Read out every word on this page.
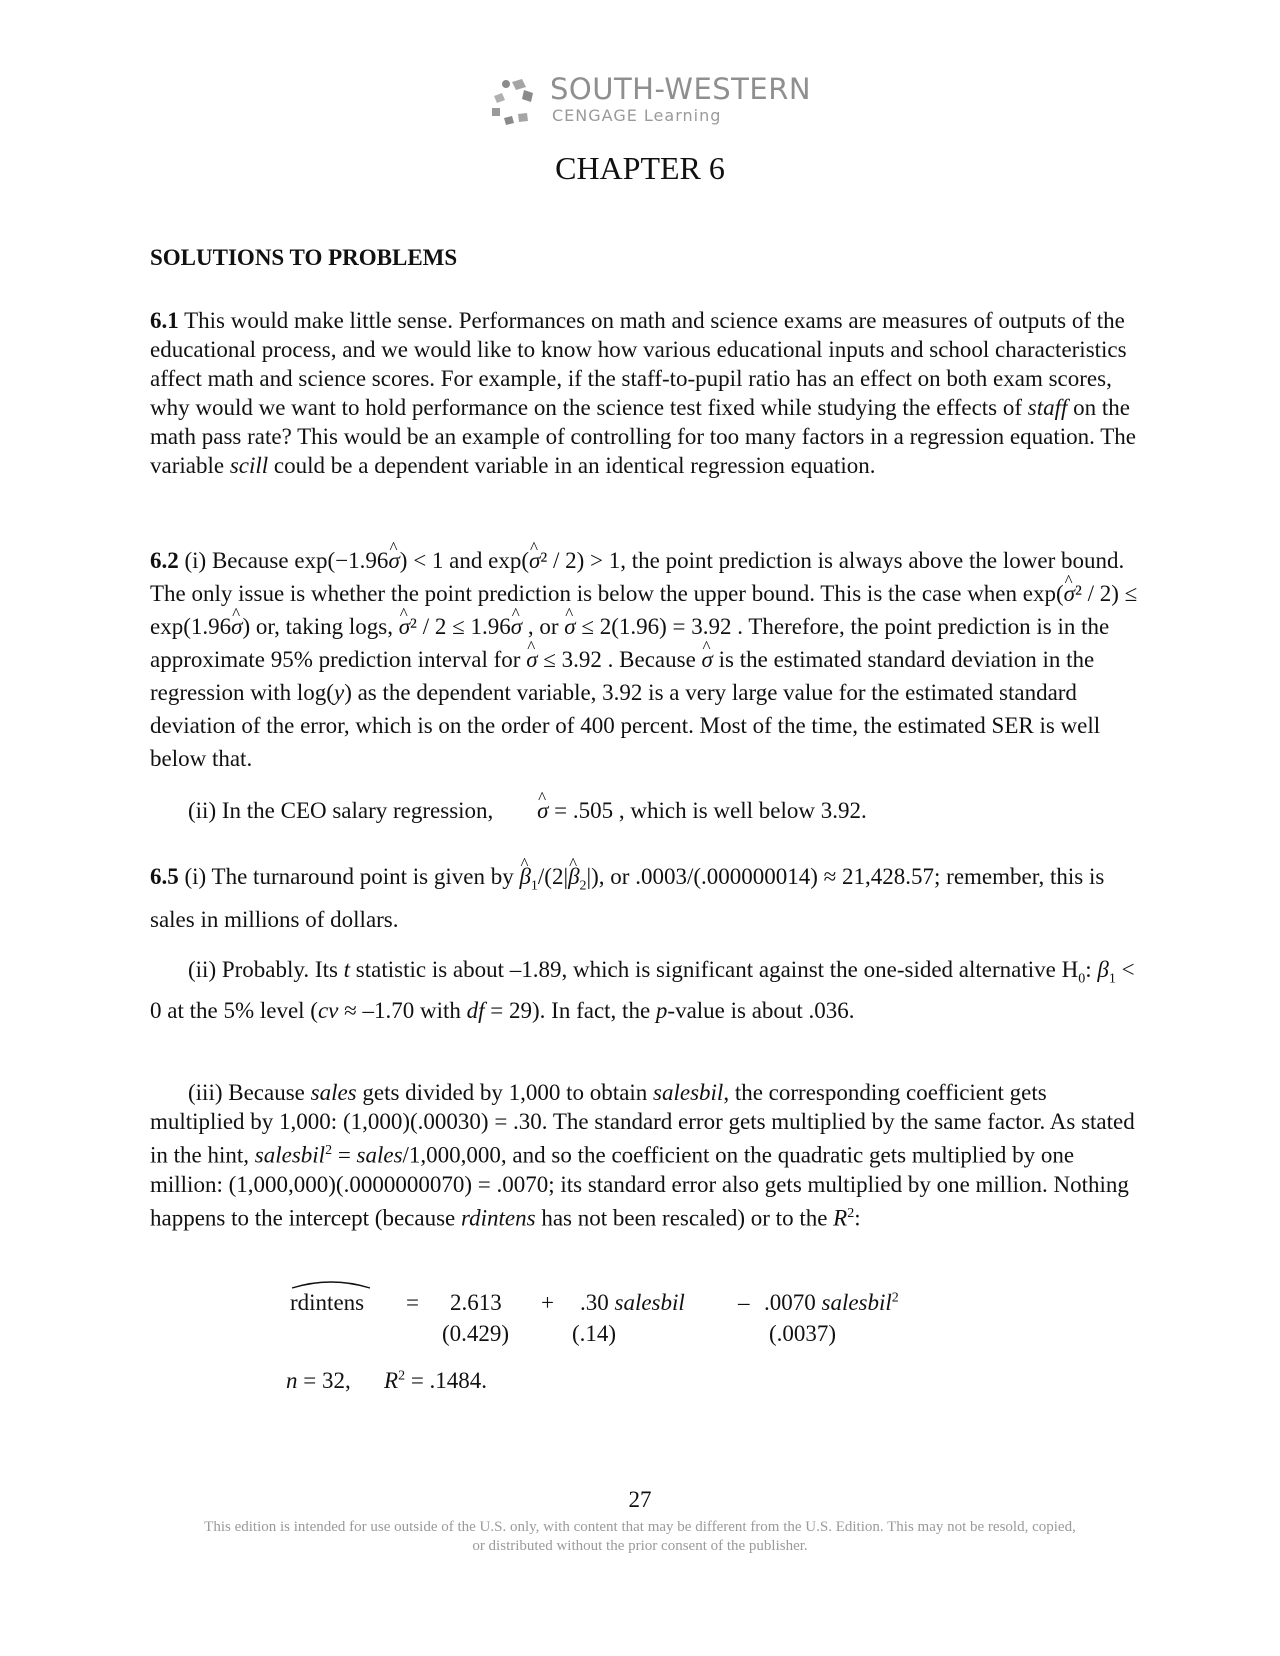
SOUTH-WESTERN
CENGAGE Learning
CHAPTER 6
SOLUTIONS TO PROBLEMS
6.1 This would make little sense. Performances on math and science exams are measures of outputs of the educational process, and we would like to know how various educational inputs and school characteristics affect math and science scores. For example, if the staff-to-pupil ratio has an effect on both exam scores, why would we want to hold performance on the science test fixed while studying the effects of staff on the math pass rate? This would be an example of controlling for too many factors in a regression equation. The variable scill could be a dependent variable in an identical regression equation.
6.2 (i) Because exp(−1.96^ σ) < 1 and exp(^ σ² / 2) > 1, the point prediction is always above the lower bound. The only issue is whether the point prediction is below the upper bound. This is the case when exp(^ σ² / 2) ≤ exp(1.96^ σ) or, taking logs, ^ σ² / 2 ≤ 1.96^ σ , or ^ σ ≤ 2(1.96) = 3.92 . Therefore, the point prediction is in the approximate 95% prediction interval for ^ σ ≤ 3.92 . Because ^ σ is the estimated standard deviation in the regression with log(y) as the dependent variable, 3.92 is a very large value for the estimated standard deviation of the error, which is on the order of 400 percent. Most of the time, the estimated SER is well below that.
(ii) In the CEO salary regression, ^ σ = .505 , which is well below 3.92.
6.5 (i) The turnaround point is given by ^ $\beta_1/(2|\^{}$ $\beta_2|$), or .0003/(.000000014) ≈ 21,428.57; remember, this is sales in millions of dollars.
(ii) Probably. Its t statistic is about –1.89, which is significant against the one-sided alternative $H_0$: $\beta_1 < 0$ at the 5% level (cv ≈ –1.70 with df = 29). In fact, the p-value is about .036.
(iii) Because sales gets divided by 1,000 to obtain salesbil, the corresponding coefficient gets multiplied by 1,000: (1,000)(.00030) = .30. The standard error gets multiplied by the same factor. As stated in the hint, salesbil$^2$ = sales/1,000,000, and so the coefficient on the quadratic gets multiplied by one million: (1,000,000)(.0000000070) = .0070; its standard error also gets multiplied by one million. Nothing happens to the intercept (because rdintens has not been rescaled) or to the $R^2$:
rdintens = 2.613 + .30 salesbil – .0070 salesbil$^2$
(0.429)	(.14)	(.0037)
n = 32, $R^2 = .1484$.
27
This edition is intended for use outside of the U.S. only, with content that may be different from the U.S. Edition. This may not be resold, copied,
or distributed without the prior consent of the publisher.
